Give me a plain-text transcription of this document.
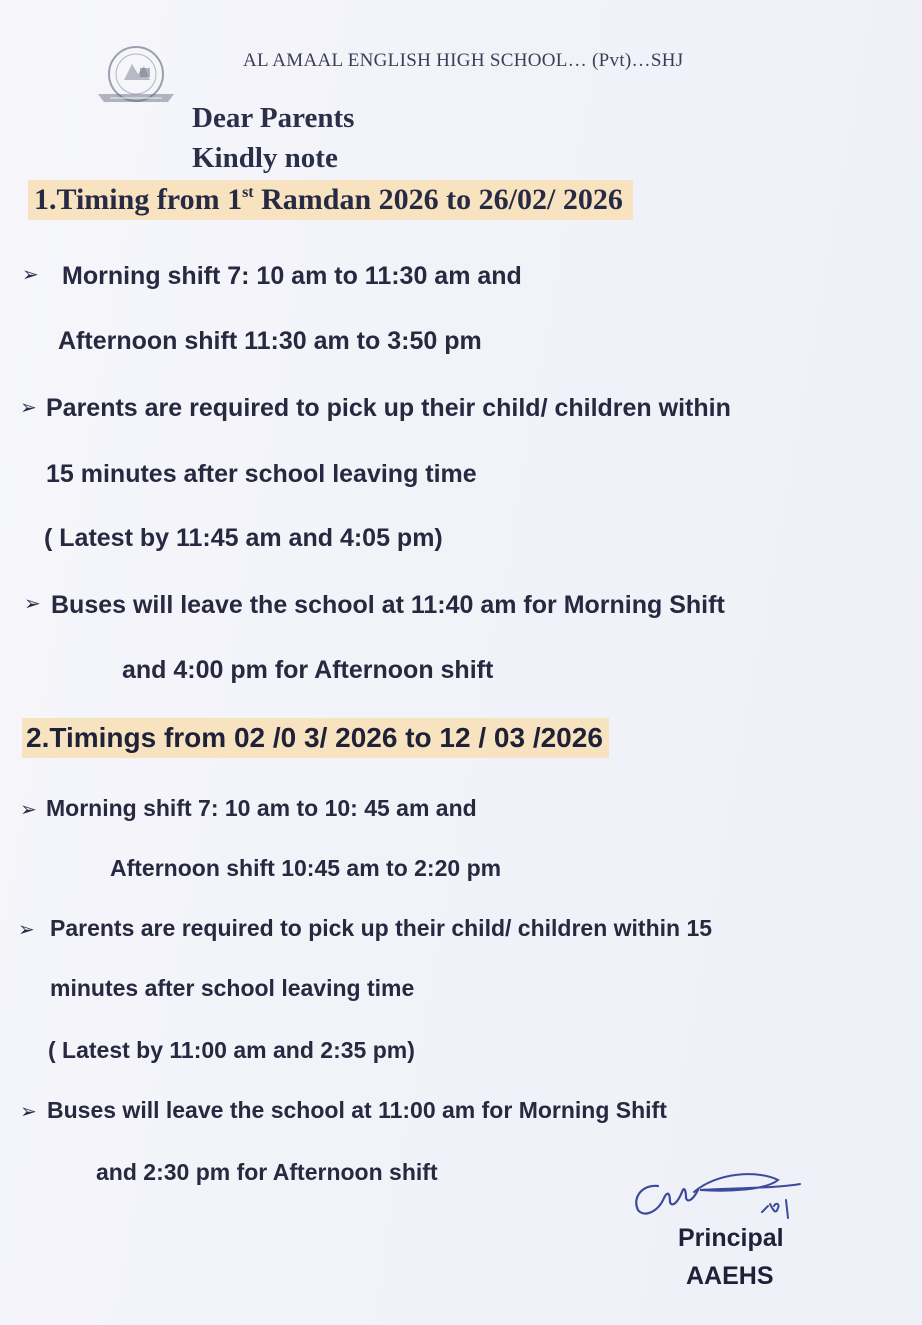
AL AMAAL ENGLISH HIGH SCHOOL… (Pvt)…SHJ
Dear Parents
Kindly note
1.Timing from 1st Ramdan 2026 to 26/02/ 2026
➢ Morning shift 7: 10 am to 11:30 am and
Afternoon shift 11:30 am to 3:50 pm
➢ Parents are required to pick up their child/ children within
15 minutes after school leaving time
( Latest by 11:45 am and 4:05 pm)
➢ Buses will leave the school at 11:40 am for Morning Shift
and 4:00 pm for Afternoon shift
2.Timings from 02 /0 3/ 2026 to 12 / 03 /2026
➢ Morning shift 7: 10 am to 10: 45 am and
Afternoon shift 10:45 am to 2:20 pm
➢ Parents are required to pick up their child/ children within 15
minutes after school leaving time
( Latest by 11:00 am and 2:35 pm)
➢ Buses will leave the school at 11:00 am for Morning Shift
and 2:30 pm for Afternoon shift
Principal
AAEHS
